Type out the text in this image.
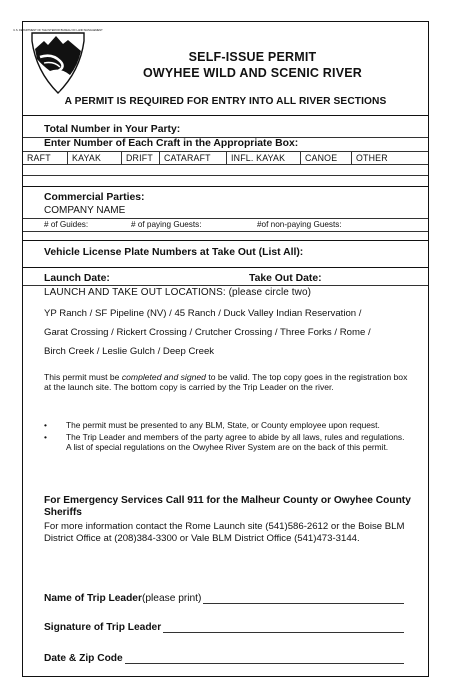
U.S. DEPARTMENT OF THE INTERIOR BUREAU OF LAND MANAGEMENT
SELF-ISSUE PERMIT
OWYHEE WILD AND SCENIC RIVER
A PERMIT IS REQUIRED FOR ENTRY INTO ALL RIVER SECTIONS
Total Number in Your Party:
Enter Number of Each Craft in the Appropriate Box:
RAFT	KAYAK	DRIFT	CATARAFT	INFL. KAYAK	CANOE	OTHER
Commercial Parties:
COMPANY NAME
# of Guides:	# of paying Guests:	#of non-paying Guests:
Vehicle License Plate Numbers at Take Out (List All):
Launch Date:	Take Out Date:
LAUNCH AND TAKE OUT LOCATIONS: (please circle two)
YP Ranch / SF Pipeline (NV) / 45 Ranch / Duck Valley Indian Reservation /
Garat Crossing / Rickert Crossing / Crutcher Crossing / Three Forks / Rome /
Birch Creek / Leslie Gulch / Deep Creek
This permit must be completed and signed to be valid. The top copy goes in the registration box at the launch site. The bottom copy is carried by the Trip Leader on the river.
•	The permit must be presented to any BLM, State, or County employee upon request.
•	The Trip Leader and members of the party agree to abide by all laws, rules and regulations. A list of special regulations on the Owyhee River System are on the back of this permit.
For Emergency Services Call 911 for the Malheur County or Owyhee County Sheriffs
For more information contact the Rome Launch site (541)586-2612 or the Boise BLM District Office at (208)384-3300 or Vale BLM District Office (541)473-3144.
Name of Trip Leader (please print)
Signature of Trip Leader
Date & Zip Code
